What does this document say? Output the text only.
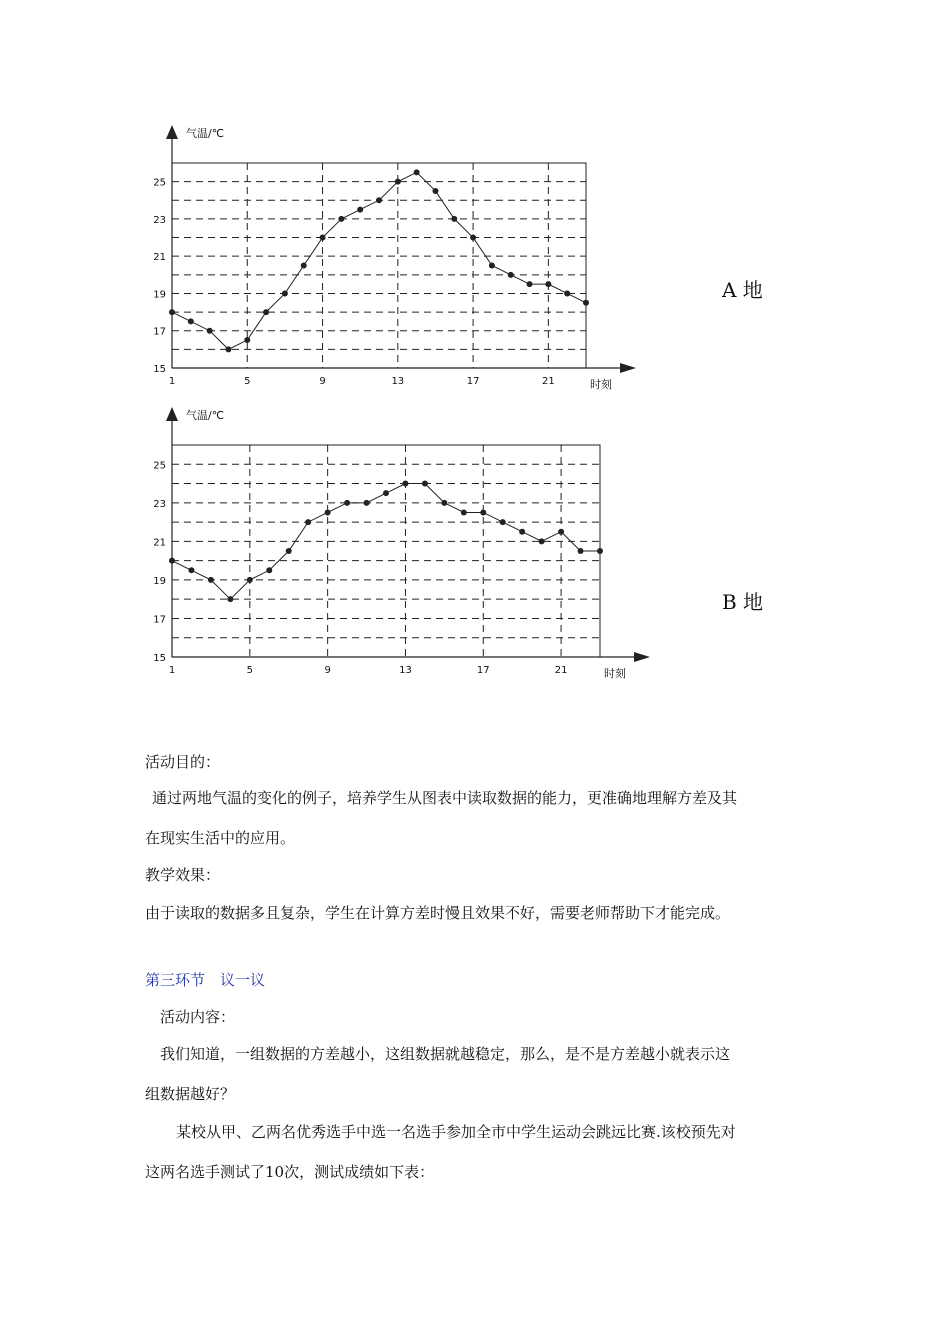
气温/℃
时刻
15
17
19
21
23
25
1	5	9	13	17	21
A 地
气温/℃
时刻
15
17
19
21
23
25
1	5	9	13	17	21
B 地
活动目的：
通过两地气温的变化的例子，培养学生从图表中读取数据的能力，更准确地理解方差及其
在现实生活中的应用。
教学效果：
由于读取的数据多且复杂，学生在计算方差时慢且效果不好，需要老师帮助下才能完成。
第三环节　议一议
活动内容：
我们知道，一组数据的方差越小，这组数据就越稳定，那么，是不是方差越小就表示这
组数据越好？
某校从甲、乙两名优秀选手中选一名选手参加全市中学生运动会跳远比赛.该校预先对
这两名选手测试了10次，测试成绩如下表：
